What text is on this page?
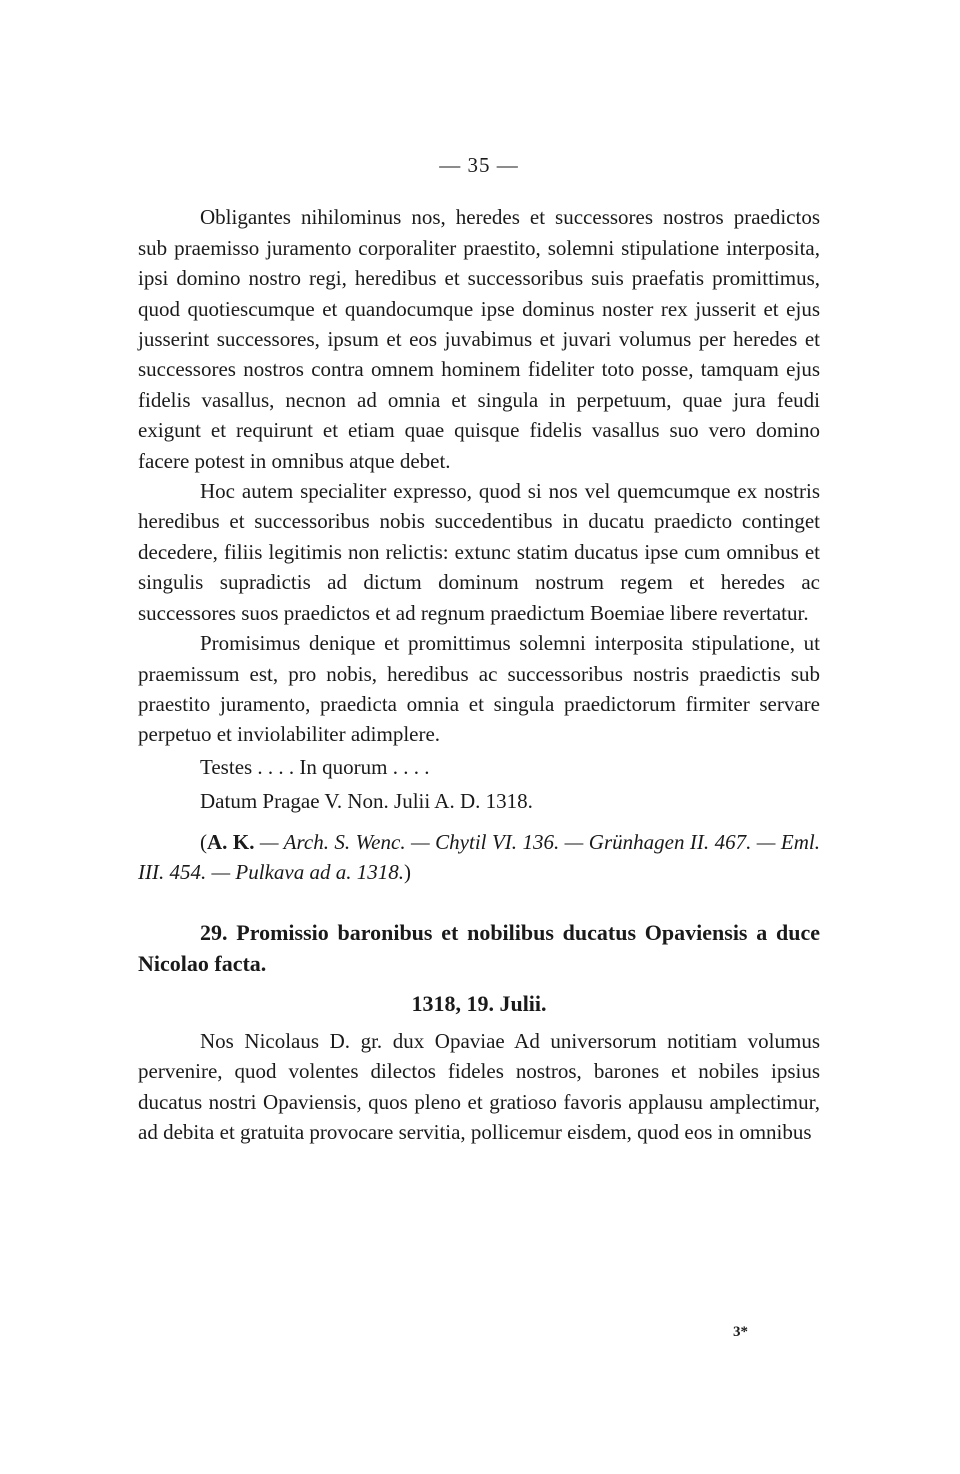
— 35 —

Obligantes nihilominus nos, heredes et successores nostros praedictos sub praemisso juramento corporaliter praestito, solemni stipulatione interposita, ipsi domino nostro regi, heredibus et successoribus suis praefatis promittimus, quod quotiescumque et quandocumque ipse dominus noster rex jusserit et ejus jusserint successores, ipsum et eos juvabimus et juvari volumus per heredes et successores nostros contra omnem hominem fideliter toto posse, tamquam ejus fidelis vasallus, necnon ad omnia et singula in perpetuum, quae jura feudi exigunt et requirunt et etiam quae quisque fidelis vasallus suo vero domino facere potest in omnibus atque debet.

Hoc autem specialiter expresso, quod si nos vel quemcumque ex nostris heredibus et successoribus nobis succedentibus in ducatu praedicto continget decedere, filiis legitimis non relictis: extunc statim ducatus ipse cum omnibus et singulis supradictis ad dictum dominum nostrum regem et heredes ac successores suos praedictos et ad regnum praedictum Boemiae libere revertatur.

Promisimus denique et promittimus solemni interposita stipulatione, ut praemissum est, pro nobis, heredibus ac successoribus nostris praedictis sub praestito juramento, praedicta omnia et singula praedictorum firmiter servare perpetuo et inviolabiliter adimplere.

Testes . . . . In quorum . . . .

Datum Pragae V. Non. Julii A. D. 1318.

(A. K. — Arch. S. Wenc. — Chytil VI. 136. — Grünhagen II. 467. — Eml. III. 454. — Pulkava ad a. 1318.)

29. Promissio baronibus et nobilibus ducatus Opaviensis a duce Nicolao facta.

1318, 19. Julii.

Nos Nicolaus D. gr. dux Opaviae Ad universorum notitiam volumus pervenire, quod volentes dilectos fideles nostros, barones et nobiles ipsius ducatus nostri Opaviensis, quos pleno et gratioso favoris applausu amplectimur, ad debita et gratuita provocare servitia, pollicemur eisdem, quod eos in omnibus

3*
